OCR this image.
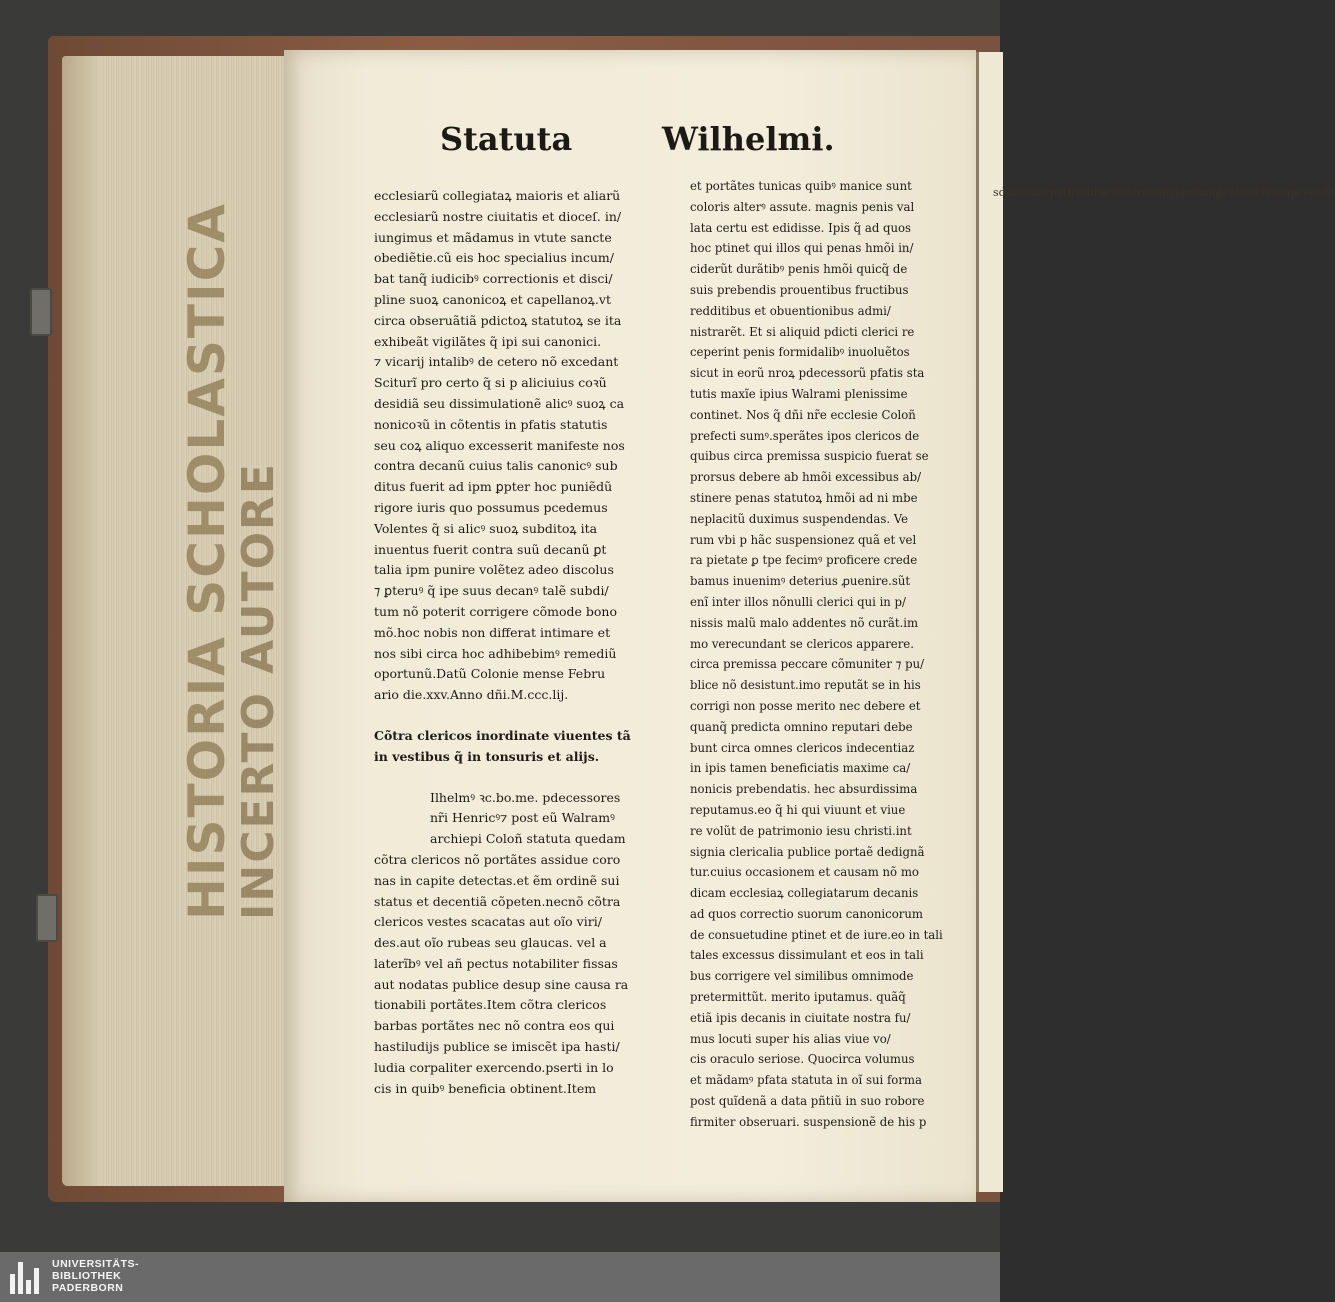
INCERTO AUTORE
sddicddncpsfJrinliracfuderebefirlaneimglcaheecfresupcecuM
Statuta	Wilhelmi.
ecclesiarũ collegiataꝝ maioris et aliarũ
ecclesiarũ nostre ciuitatis et dioceſ. in/
iungimus et mãdamus in vtute sancte
obediẽtie.cũ eis hoc specialius incum/
bat tanq̃ iudicibꝰ correctionis et disci/
pline suoꝝ canonicoꝝ et capellanoꝝ.vt
circa obseruãtiã pdictoꝝ statutoꝝ se ita
exhibeãt vigilãtes q̃ ipi sui canonici.
⁊ vicarij intalibꝰ de cetero nõ excedant
Sciturĩ pro certo q̃ si p aliciuius coꝛũ
desidiã seu dissimulationẽ alicꝰ suoꝝ ca
nonicoꝛũ in cõtentis in pfatis statutis
seu coꝝ aliquo excesserit manifeste nos
contra decanũ cuius talis canonicꝰ sub
ditus fuerit ad ipm ꝑpter hoc puniẽdũ
rigore iuris quo possumus pcedemus
Volentes q̃ si alicꝰ suoꝝ subditoꝝ ita
inuentus fuerit contra suũ decanũ ꝑt
talia ipm punire volẽtez adeo discolus
⁊ ꝑteruꝰ q̃ ipe suus decanꝰ talẽ subdi/
tum nõ poterit corrigere cõmode bono
mõ.hoc nobis non differat intimare et
nos sibi circa hoc adhibebimꝰ remediũ
oportunũ.Datũ Colonie mense Febru
ario die.xxv.Anno dñi.M.ccc.lij.
Cõtra clericos inordinate viuentes tã
in vestibus q̃ in tonsuris et alijs.
Ilhelmꝰ ꝛc.bo.me. pdecessores
nr̃i Henricꝰ⁊ post eũ Walramꝰ
archiepi Coloñ statuta quedam
cõtra clericos nõ portãtes assidue coro
nas in capite detectas.et ẽm ordinẽ sui
status et decentiã cõpeten.necnõ cõtra
clericos vestes scacatas aut oĩo viri/
des.aut oĩo rubeas seu glaucas. vel a
laterĩbꝰ vel añ pectus notabiliter fissas
aut nodatas publice desup sine causa ra
tionabili portãtes.Item cõtra clericos
barbas portãtes nec nõ contra eos qui
hastiludijs publice se imiscẽt ipa hasti/
ludia corpaliter exercendo.pserti in lo
cis in quibꝰ beneficia obtinent.Item
et portãtes tunicas quibꝰ manice sunt
coloris alterꝰ assute. magnis penis val
lata certu est edidisse. Ipis q̃ ad quos
hoc ptinet qui illos qui penas hmõi in/
ciderũt durãtibꝰ penis hmõi quicq̃ de
suis prebendis prouentibus fructibus
redditibus et obuentionibus admi/
nistrarẽt. Et si aliquid pdicti clerici re
ceperint penis formidalibꝰ inuoluẽtos
sicut in eorũ nroꝝ pdecessorũ pfatis sta
tutis maxĩe ipius Walrami plenissime
continet. Nos q̃ dñi nr̃e ecclesie Coloñ
prefecti sumꝰ.sperãtes ipos clericos de
quibus circa premissa suspicio fuerat se
prorsus debere ab hmõi excessibus ab/
stinere penas statutoꝝ hmõi ad ni mbe
neplacitũ duximus suspendendas. Ve
rum vbi p hãc suspensionez quã et vel
ra pietate ꝑ tpe fecimꝰ proficere crede
bamus inuenimꝰ deterius ꝓuenire.sũt
enĩ inter illos nõnulli clerici qui in p/
nissis malũ malo addentes nõ curãt.im
mo verecundant se clericos apparere.
circa premissa peccare cõmuniter ⁊ pu/
blice nõ desistunt.imo reputãt se in his
corrigi non posse merito nec debere et
quanq̃ predicta omnino reputari debe
bunt circa omnes clericos indecentiaz
in ipis tamen beneficiatis maxime ca/
nonicis prebendatis. hec absurdissima
reputamus.eo q̃ hi qui viuunt et viue
re volũt de patrimonio iesu christi.int
signia clericalia publice portaẽ dedignã
tur.cuius occasionem et causam nõ mo
dicam ecclesiaꝝ collegiatarum decanis
ad quos correctio suorum canonicorum
de consuetudine ptinet et de iure.eo in tali
tales excessus dissimulant et eos in tali
bus corrigere vel similibus omnimode
pretermittũt. merito iputamus. quãq̃
etiã ipis decanis in ciuitate nostra fu/
mus locuti super his alias viue vo/
cis oraculo seriose. Quocirca volumus
et mãdamꝰ pfata statuta in oĩ sui forma
post quĩdenã a data pñtiũ in suo robore
firmiter obseruari. suspensionẽ de his p
UNIVERSITÄTS-
BIBLIOTHEK
PADERBORN
